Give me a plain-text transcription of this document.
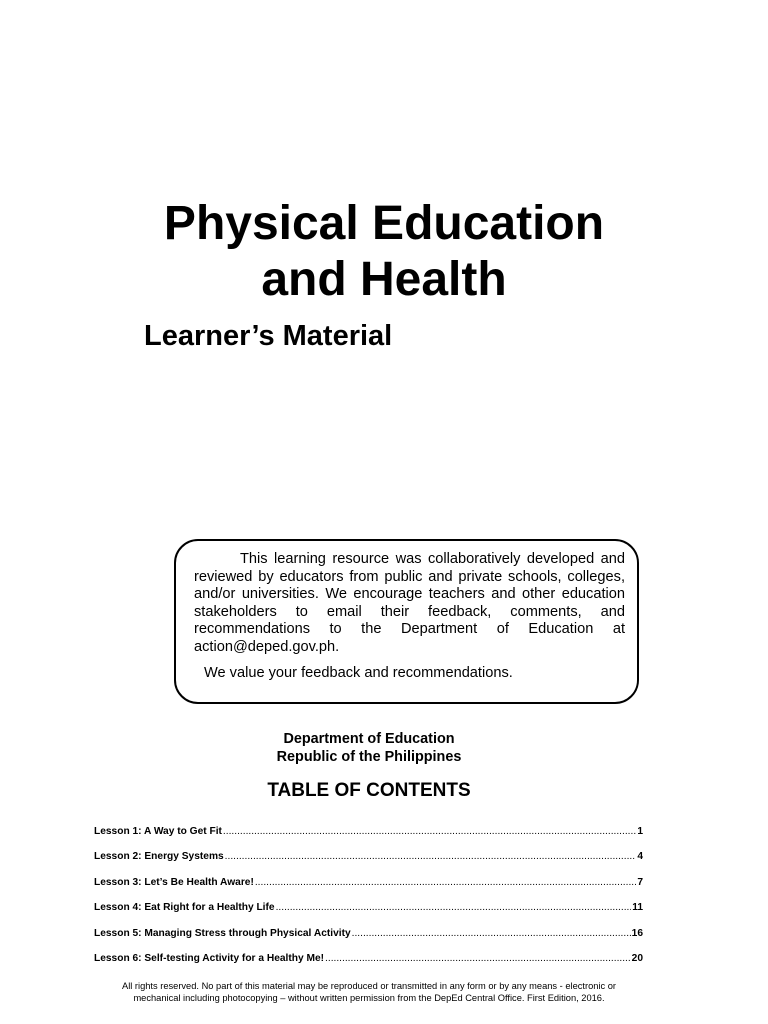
Physical Education
and Health
Learner’s Material

This learning resource was collaboratively developed and reviewed by educators from public and private schools, colleges, and/or universities. We encourage teachers and other education stakeholders to email their feedback, comments, and recommendations to the Department of Education at action@deped.gov.ph.

We value your feedback and recommendations.

Department of Education
Republic of the Philippines
TABLE OF CONTENTS
Lesson 1: A Way to Get Fit .....	1
Lesson 2: Energy Systems .....	4
Lesson 3: Let’s Be Health Aware! .....	7
Lesson 4: Eat Right for a Healthy Life .....	11
Lesson 5: Managing Stress through Physical Activity .....	16
Lesson 6: Self-testing Activity for a Healthy Me! .....	20
All rights reserved. No part of this material may be reproduced or transmitted in any form or by any means - electronic or
mechanical including photocopying – without written permission from the DepEd Central Office. First Edition, 2016.
